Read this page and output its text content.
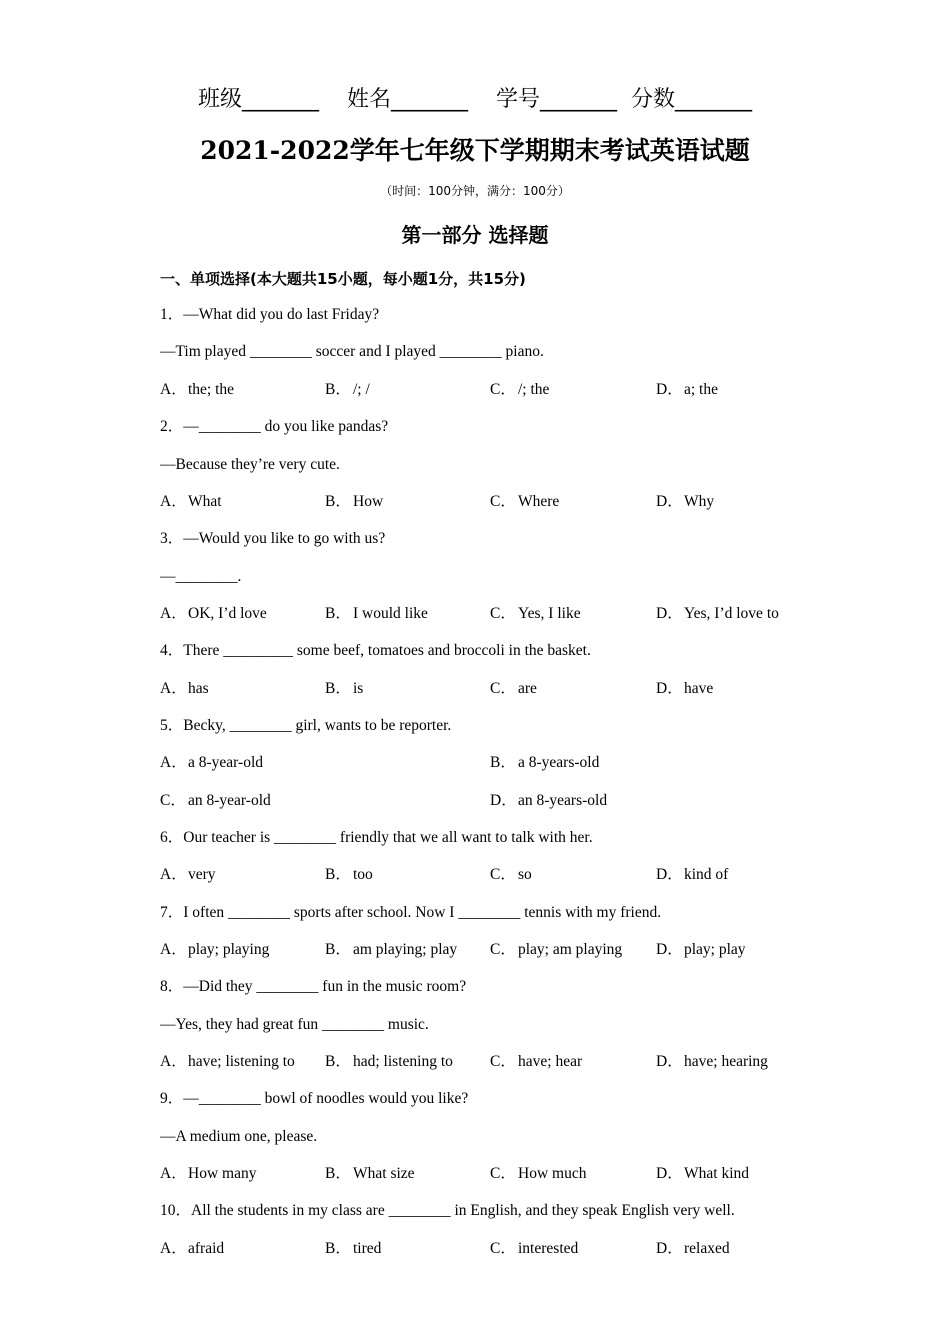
班级_______    姓名_______    学号_______  分数_______
2021-2022学年七年级下学期期末考试英语试题
（时间：100分钟，满分：100分）
第一部分 选择题
一、单项选择(本大题共15小题，每小题1分，共15分)
1．—What did you do last Friday?
—Tim played ________ soccer and I played ________ piano.
A．the; the	B． /; /	C． /; the	D．a; the
2．—________ do you like pandas?
—Because they’re very cute.
A．What	B． How	C． Where	D．Why
3．—Would you like to go with us?
—________.
A．OK, I’d love	B． I would like	C． Yes, I like	D．Yes, I’d love to
4．There _________ some beef, tomatoes and broccoli in the basket.
A．has	B． is	C． are	D．have
5．Becky, ________ girl, wants to be reporter.
A．a 8-year-old	B． a 8-years-old
C． an 8-year-old	D．an 8-years-old
6．Our teacher is ________ friendly that we all want to talk with her.
A．very	B． too	C． so	D．kind of
7．I often ________ sports after school. Now I ________ tennis with my friend.
A．play; playing	B． am playing; play C． play; am playing D．play; play
8．—Did they ________ fun in the music room?
—Yes, they had great fun ________ music.
A．have; listening to B． had; listening to C． have; hear	D．have; hearing
9．—________ bowl of noodles would you like?
—A medium one, please.
A．How many	B． What size	C． How much	D．What kind
10．All the students in my class are ________ in English, and they speak English very well.
A．afraid	B． tired	C． interested	D．relaxed
